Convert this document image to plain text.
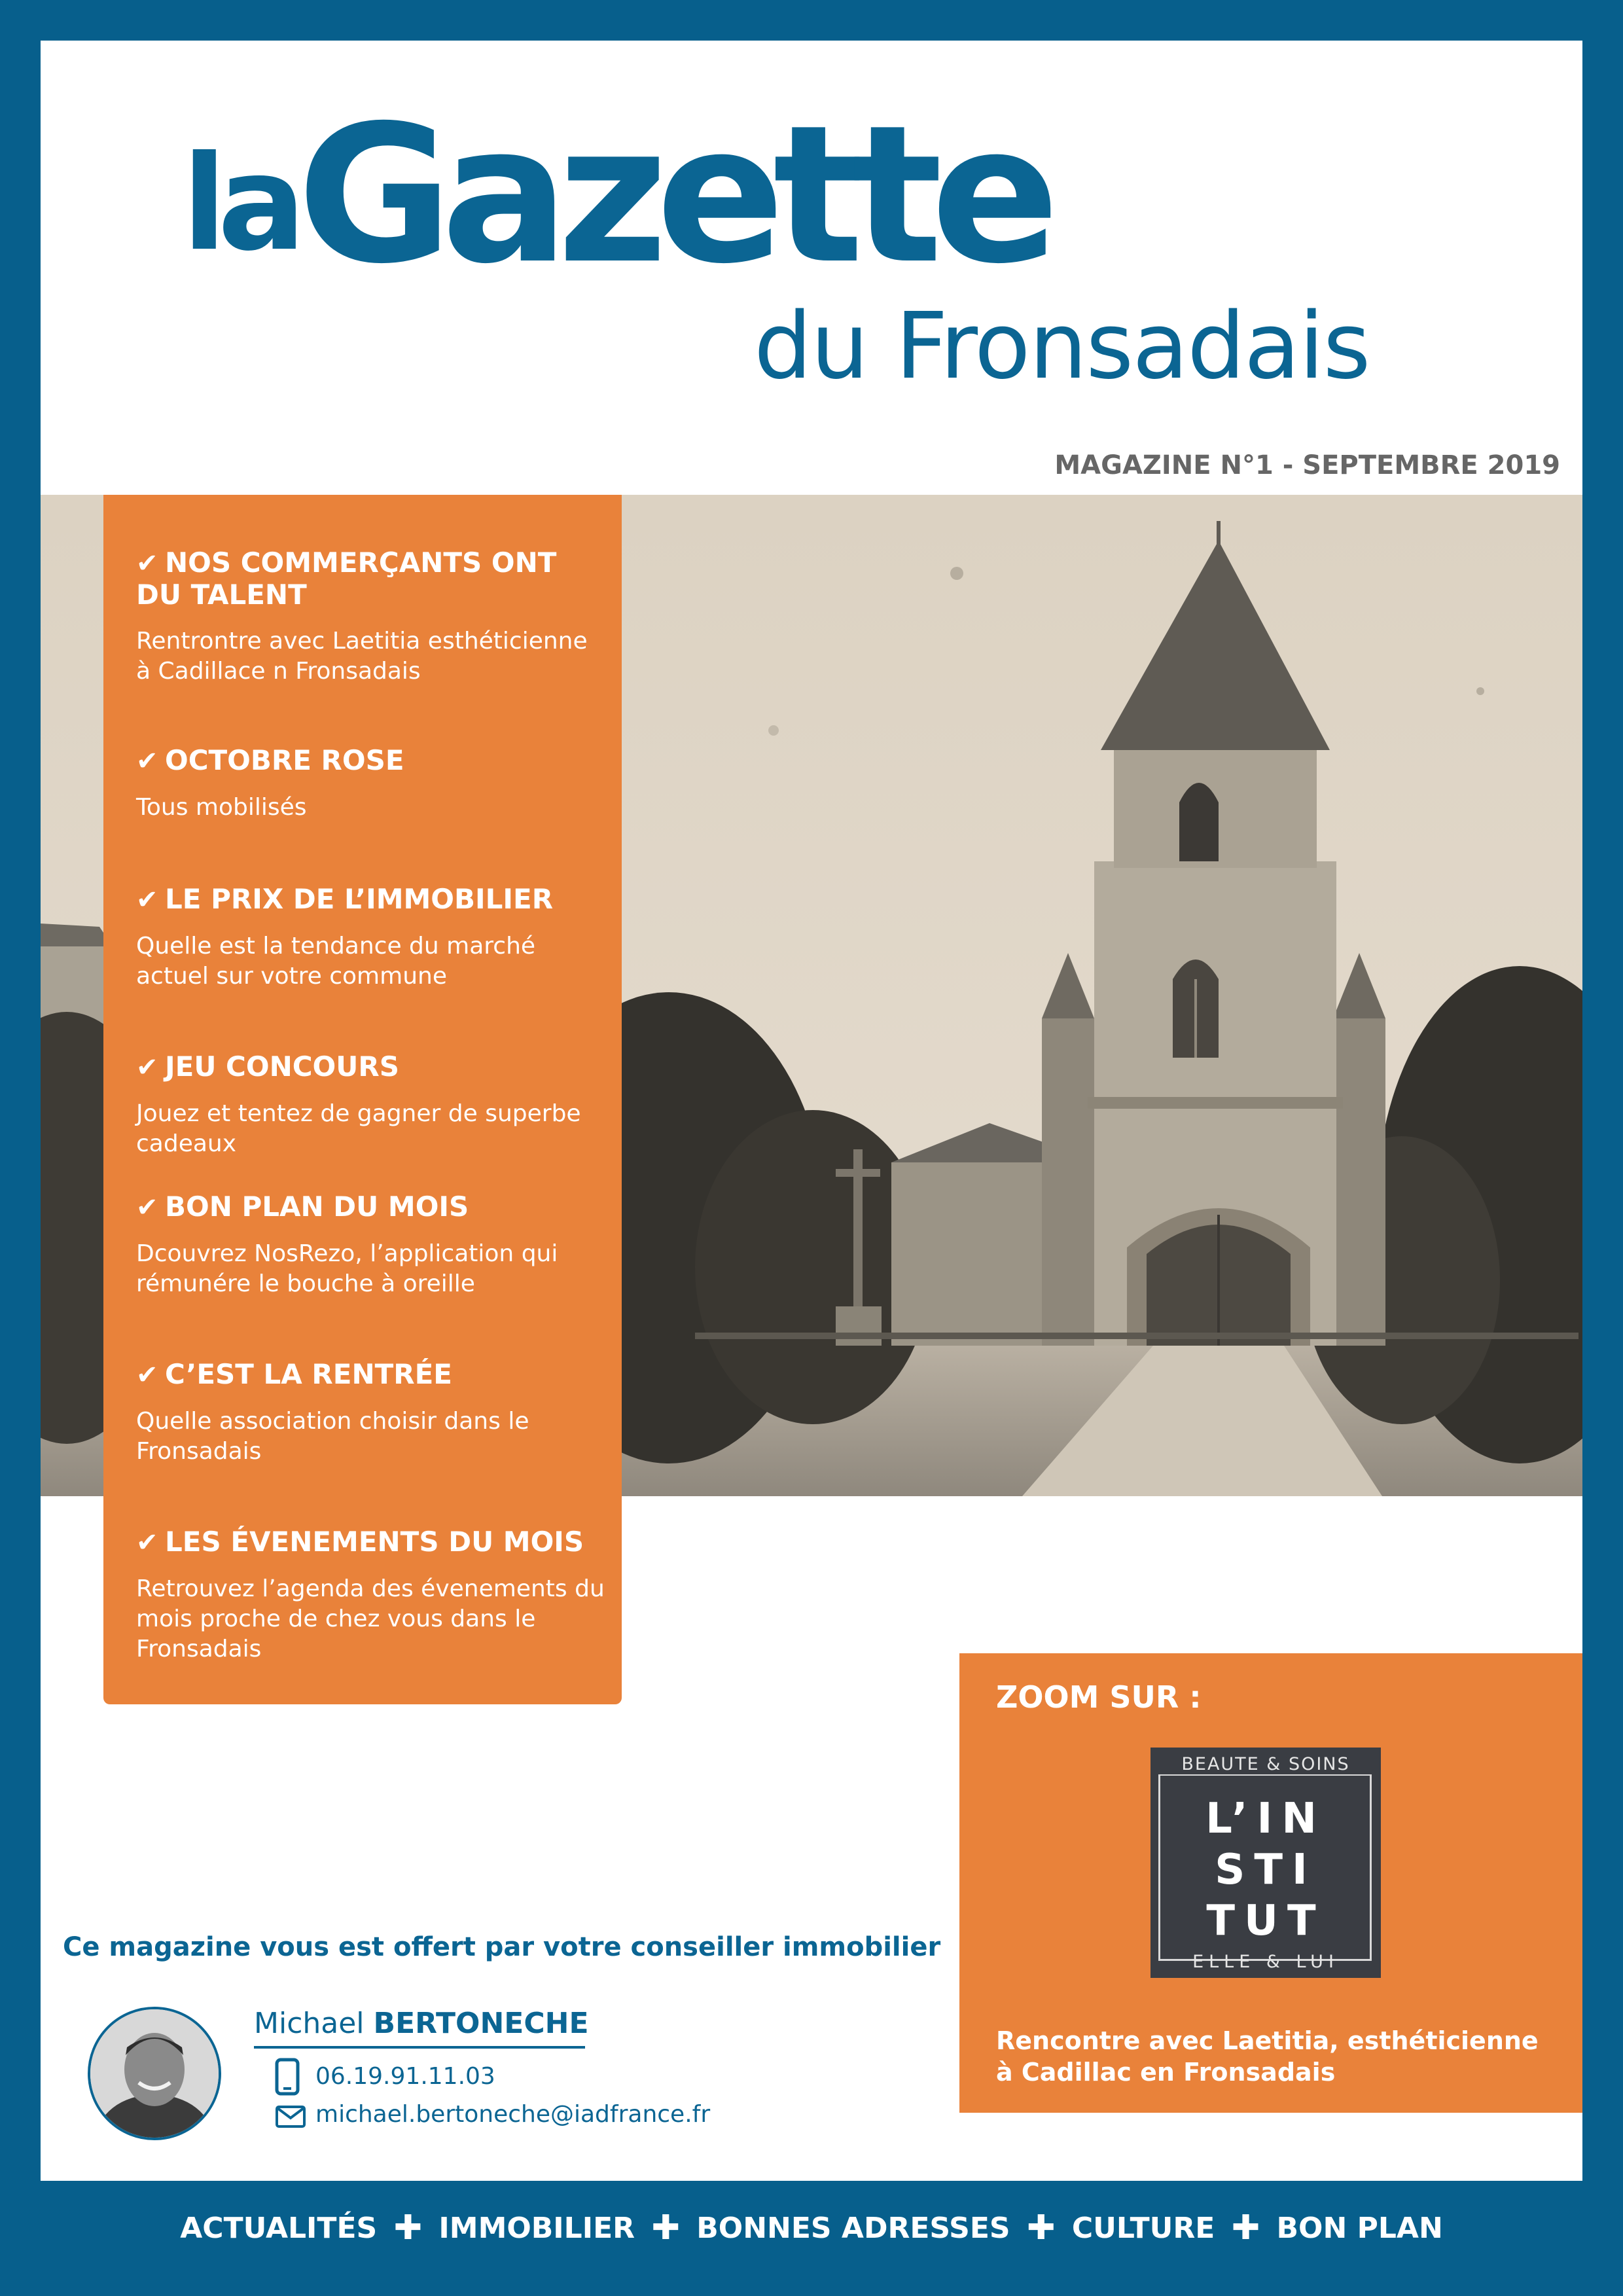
la Gazette
du Fronsadais
MAGAZINE N°1 - SEPTEMBRE 2019
✔ NOS COMMERÇANTS ONT DU TALENT
Rentrontre avec Laetitia esthéticienne à Cadillace n Fronsadais
✔ OCTOBRE ROSE
Tous mobilisés
✔ LE PRIX DE L’IMMOBILIER
Quelle est la tendance du marché actuel sur votre commune
✔ JEU CONCOURS
Jouez et tentez de gagner de superbe cadeaux
✔ BON PLAN DU MOIS
Dcouvrez NosRezo, l’application qui rémunére le bouche à oreille
✔ C’EST LA RENTRÉE
Quelle association choisir dans le Fronsadais
✔ LES ÉVENEMENTS DU MOIS
Retrouvez l’agenda des évenements du mois proche de chez vous dans le Fronsadais
ZOOM SUR :
BEAUTE & SOINS
L’IN
STI
TUT
ELLE & LUI
Rencontre avec Laetitia, esthéticienne à Cadillac en Fronsadais
Ce magazine vous est offert par votre conseiller immobilier
Michael BERTONECHE
06.19.91.11.03
michael.bertoneche@iadfrance.fr
ACTUALITÉS ✚ IMMOBILIER ✚ BONNES ADRESSES ✚ CULTURE ✚ BON PLAN
